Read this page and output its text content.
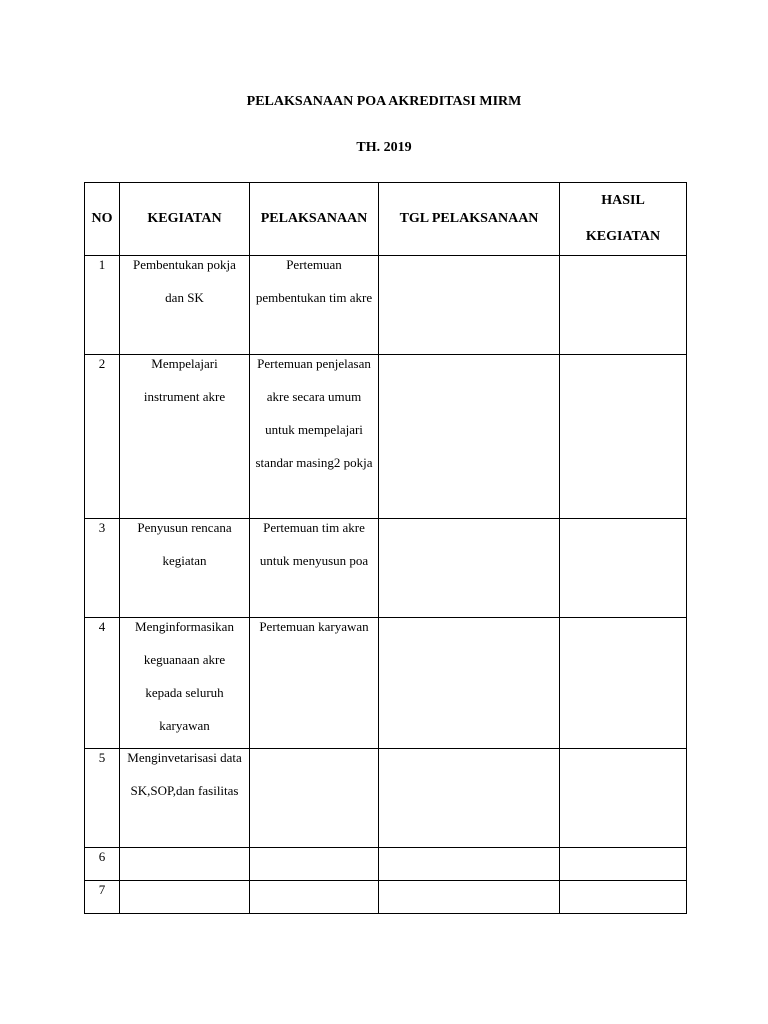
PELAKSANAAN POA AKREDITASI MIRM
TH. 2019
NO	KEGIATAN	PELAKSANAAN	TGL PELAKSANAAN	HASIL
KEGIATAN

1	Pembentukan pokja dan SK	Pertemuan pembentukan tim akre		

2	Mempelajari instrument akre	Pertemuan penjelasan akre secara umum untuk mempelajari standar masing2 pokja		

3	Penyusun rencana kegiatan	Pertemuan tim akre untuk menyusun poa		

4	Menginformasikan keguanaan akre kepada seluruh karyawan	Pertemuan karyawan		

5	Menginvetarisasi data SK,SOP,dan fasilitas			

6				

7				
